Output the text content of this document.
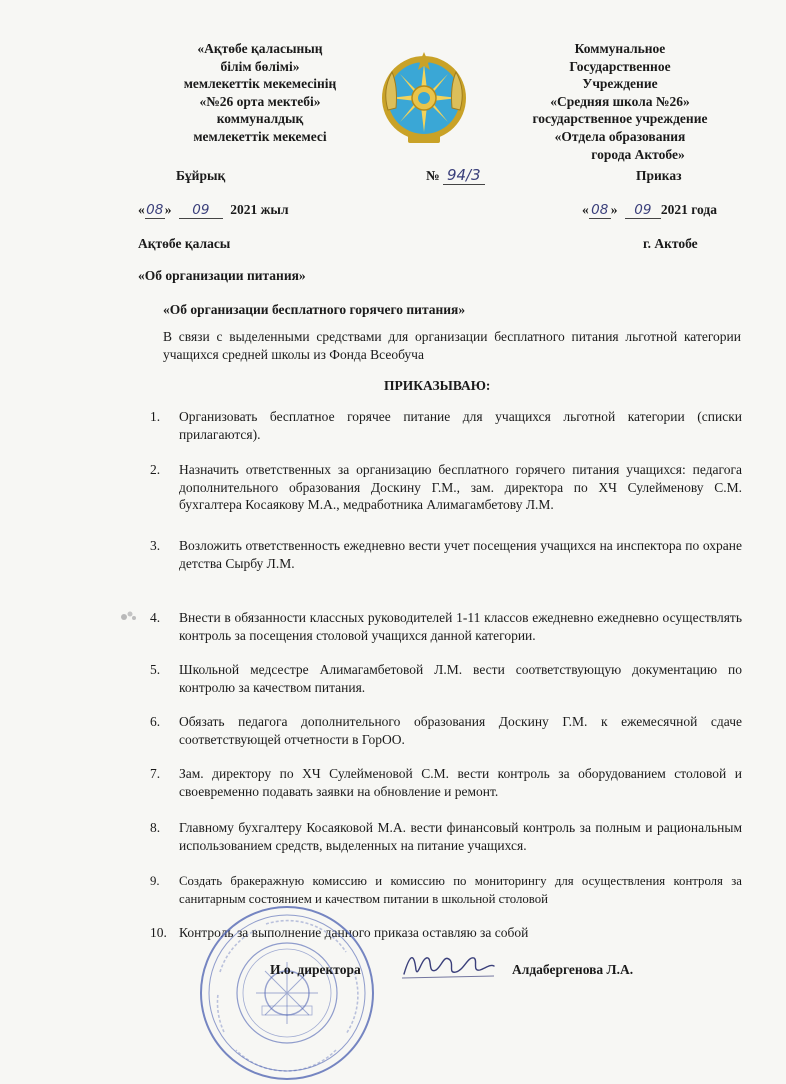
«Ақтөбе қаласының
білім бөлімі»
мемлекеттік мекемесінің
«№26 орта мектебі»
коммуналдық
мемлекеттік мекемесі
Коммунальное
Государственное
Учреждение
«Средняя школа №26»
государственное учреждение
«Отдела образования
города Актобе»
Бұйрық	№ 94/3	Приказ
«08» 09 2021 жыл	« 08 » 09 2021 года
Ақтөбе қаласы	г. Актобе
«Об организации питания»
«Об организации бесплатного горячего питания»
В связи с выделенными средствами для организации бесплатного питания льготной категории учащихся средней школы из Фонда Всеобуча
ПРИКАЗЫВАЮ:
1. Организовать бесплатное горячее питание для учащихся льготной категории (списки прилагаются).
2. Назначить ответственных за организацию бесплатного горячего питания учащихся: педагога дополнительного образования Доскину Г.М., зам. директора по ХЧ Сулейменову С.М. бухгалтера Косаякову М.А., медработника Алимагамбетову Л.М.
3. Возложить ответственность ежедневно вести учет посещения учащихся на инспектора по охране детства Сырбу Л.М.
4. Внести в обязанности классных руководителей 1-11 классов ежедневно ежедневно осуществлять контроль за посещения столовой учащихся данной категории.
5. Школьной медсестре Алимагамбетовой Л.М. вести соответствующую документацию по контролю за качеством питания.
6. Обязать педагога дополнительного образования Доскину Г.М. к ежемесячной сдаче соответствующей отчетности в ГорОО.
7. Зам. директору по ХЧ Сулейменовой С.М. вести контроль за оборудованием столовой и своевременно подавать заявки на обновление и ремонт.
8. Главному бухгалтеру Косаяковой М.А. вести финансовый контроль за полным и рациональным использованием средств, выделенных на питание учащихся.
9. Создать бракеражную комиссию и комиссию по мониторингу для осуществления контроля за санитарным состоянием и качеством питании в школьной столовой
10. Контроль за выполнение данного приказа оставляю за собой
И.о. директора	Алдабергенова Л.А.
